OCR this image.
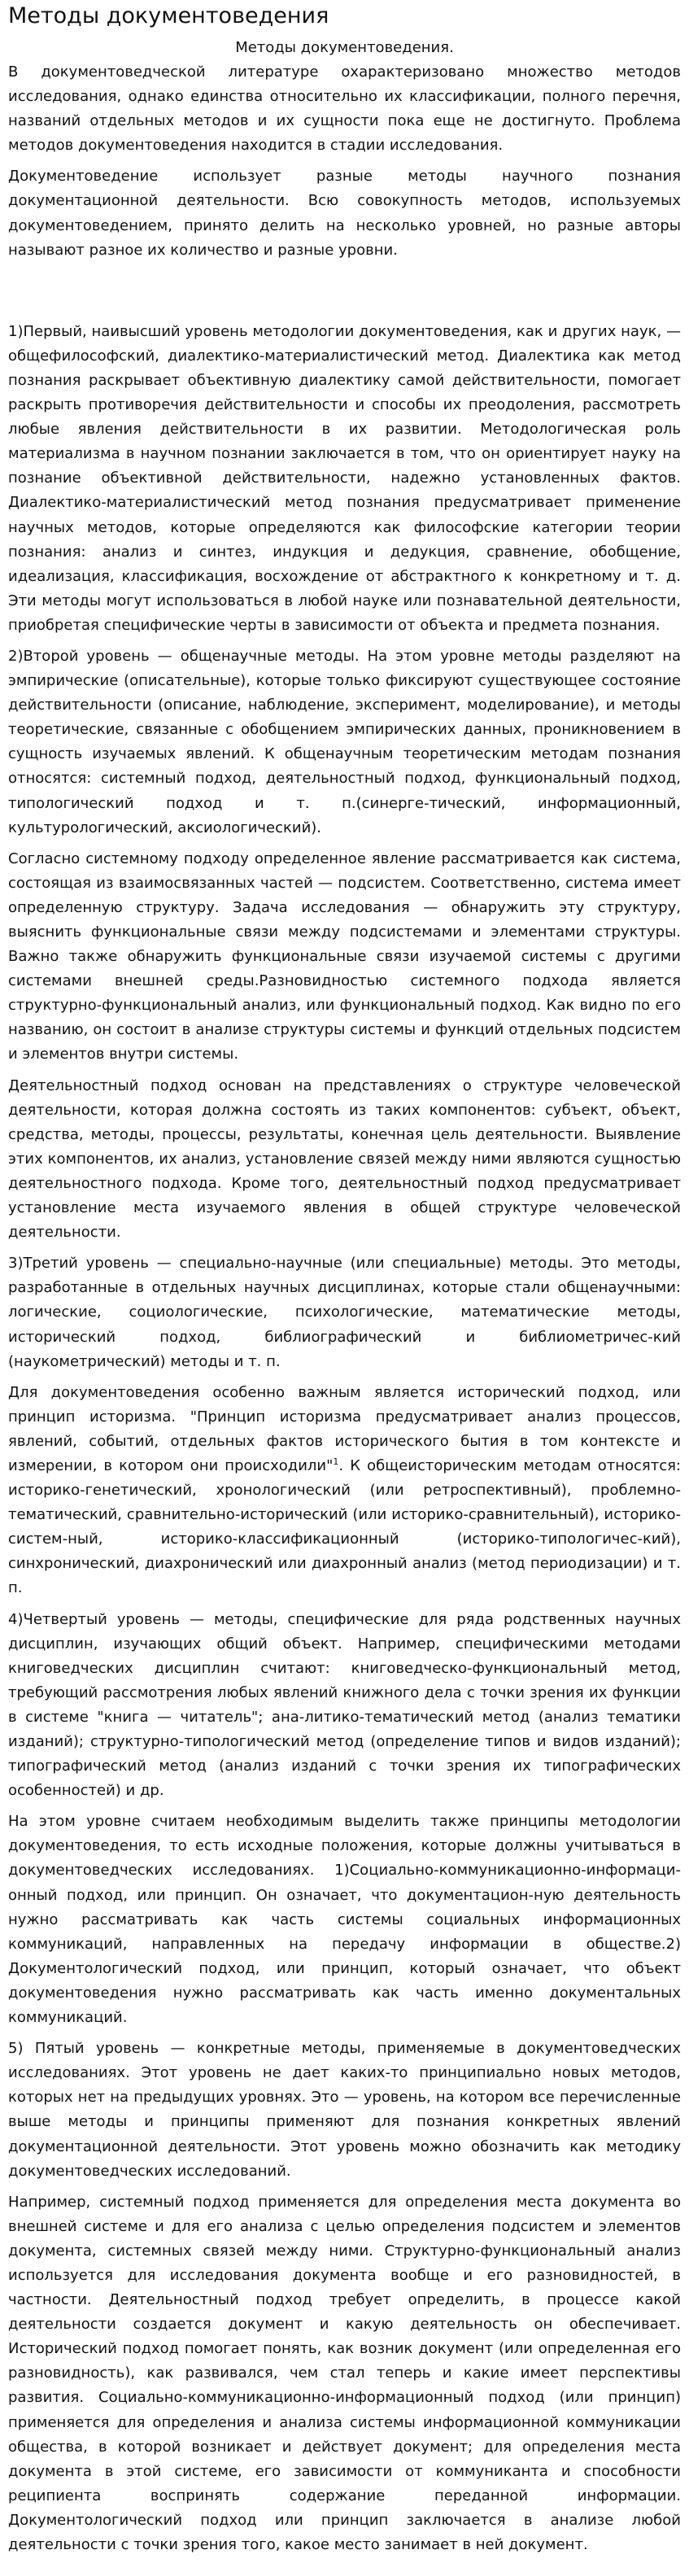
Методы документоведения

Методы документоведения.

В документоведческой литературе охарактеризовано множество методов исследования, однако единства относительно их классификации, полного перечня, названий отдельных методов и их сущности пока еще не достигнуто. Проблема методов документоведения находится в стадии исследования.

Документоведение использует разные методы научного познания документационной деятельности. Всю совокупность методов, используемых документоведением, принято делить на несколько уровней, но разные авторы называют разное их количество и разные уровни.

1)Первый, наивысший уровень методологии документоведения, как и других наук, — общефилософский, диалектико-материалистический метод. Диалектика как метод познания раскрывает объективную диалектику самой действительности, помогает раскрыть противоречия действительности и способы их преодоления, рассмотреть любые явления действительности в их развитии. Методологическая роль материализма в научном познании заключается в том, что он ориентирует науку на познание объективной действительности, надежно установленных фактов. Диалектико-материалистический метод познания предусматривает применение научных методов, которые определяются как философские категории теории познания: анализ и синтез, индукция и дедукция, сравнение, обобщение, идеализация, классификация, восхождение от абстрактного к конкретному и т. д. Эти методы могут использоваться в любой науке или познавательной деятельности, приобретая специфические черты в зависимости от объекта и предмета познания.

2)Второй уровень — общенаучные методы. На этом уровне методы разделяют на эмпирические (описательные), которые только фиксируют существующее состояние действительности (описание, наблюдение, эксперимент, моделирование), и методы теоретические, связанные с обобщением эмпирических данных, проникновением в сущность изучаемых явлений. К общенаучным теоретическим методам познания относятся: системный подход, деятельностный подход, функциональный подход, типологический подход и т. п.(синерге-тический, информационный, культурологический, аксиологический).

Согласно системному подходу определенное явление рассматривается как система, состоящая из взаимосвязанных частей — подсистем. Соответственно, система имеет определенную структуру. Задача исследования — обнаружить эту структуру, выяснить функциональные связи между подсистемами и элементами структуры. Важно также обнаружить функциональные связи изучаемой системы с другими системами внешней среды.Разновидностью системного подхода является структурно-функциональный анализ, или функциональный подход. Как видно по его названию, он состоит в анализе структуры системы и функций отдельных подсистем и элементов внутри системы.

Деятельностный подход основан на представлениях о структуре человеческой деятельности, которая должна состоять из таких компонентов: субъект, объект, средства, методы, процессы, результаты, конечная цель деятельности. Выявление этих компонентов, их анализ, установление связей между ними являются сущностью деятельностного подхода. Кроме того, деятельностный подход предусматривает установление места изучаемого явления в общей структуре человеческой деятельности.

3)Третий уровень — специально-научные (или специальные) методы. Это методы, разработанные в отдельных научных дисциплинах, которые стали общенаучными: логические, социологические, психологические, математические методы, исторический подход, библиографический и библиометричес-кий (наукометрический) методы и т. п.

Для документоведения особенно важным является исторический подход, или принцип историзма. "Принцип историзма предусматривает анализ процессов, явлений, событий, отдельных фактов исторического бытия в том контексте и измерении, в котором они происходили"$^1$. К общеисторическим методам относятся: историко-генетический, хронологический (или ретроспективный), проблемно-тематический, сравнительно-исторический (или историко-сравнительный), историко-систем-ный, историко-классификационный (историко-типологичес-кий), синхронический, диахронический или диахронный анализ (метод периодизации) и т. п.

4)Четвертый уровень — методы, специфические для ряда родственных научных дисциплин, изучающих общий объект. Например, специфическими методами книговедческих дисциплин считают: книговедческо-функциональный метод, требующий рассмотрения любых явлений книжного дела с точки зрения их функции в системе "книга — читатель"; ана-литико-тематический метод (анализ тематики изданий); структурно-типологический метод (определение типов и видов изданий); типографический метод (анализ изданий с точки зрения их типографических особенностей) и др.

На этом уровне считаем необходимым выделить также принципы методологии документоведения, то есть исходные положения, которые должны учитываться в документоведческих исследованиях. 1)Социально-коммуникационно-информаци-онный подход, или принцип. Он означает, что документацион-ную деятельность нужно рассматривать как часть системы социальных информационных коммуникаций, направленных на передачу информации в обществе.2) Документологический подход, или принцип, который означает, что объект документоведения нужно рассматривать как часть именно документальных коммуникаций.

5) Пятый уровень — конкретные методы, применяемые в документоведческих исследованиях. Этот уровень не дает каких-то принципиально новых методов, которых нет на предыдущих уровнях. Это — уровень, на котором все перечисленные выше методы и принципы применяют для познания конкретных явлений документационной деятельности. Этот уровень можно обозначить как методику документоведческих исследований.

Например, системный подход применяется для определения места документа во внешней системе и для его анализа с целью определения подсистем и элементов документа, системных связей между ними. Структурно-функциональный анализ используется для исследования документа вообще и его разновидностей, в частности. Деятельностный подход требует определить, в процессе какой деятельности создается документ и какую деятельность он обеспечивает. Исторический подход помогает понять, как возник документ (или определенная его разновидность), как развивался, чем стал теперь и какие имеет перспективы развития. Социально-коммуникационно-информационный подход (или принцип) применяется для определения и анализа системы информационной коммуникации общества, в которой возникает и действует документ; для определения места документа в этой системе, его зависимости от коммуниканта и способности реципиента воспринять содержание переданной информации. Документологический подход или принцип заключается в анализе любой деятельности с точки зрения того, какое место занимает в ней документ.
